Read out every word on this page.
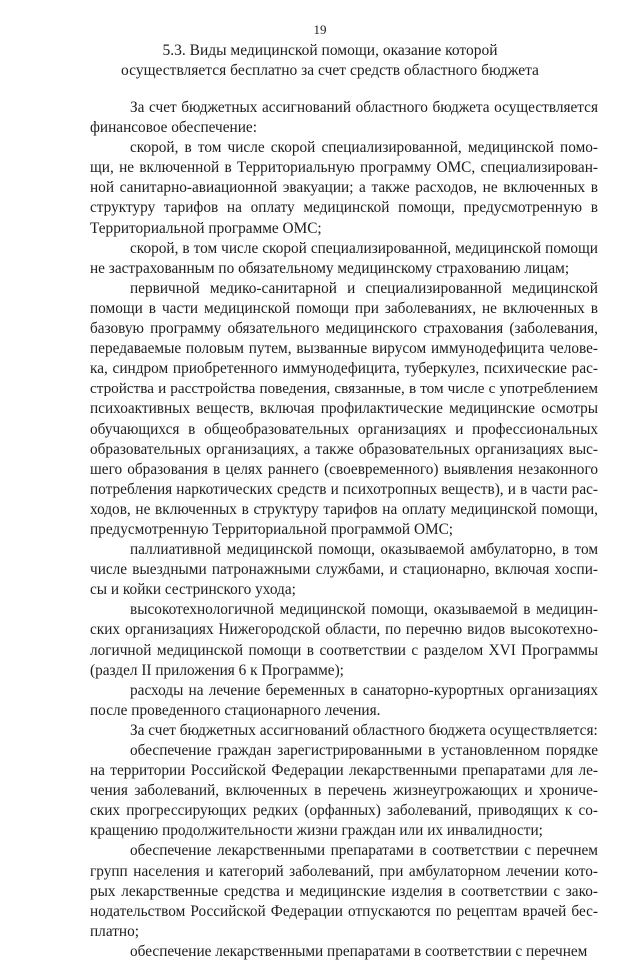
19
5.3. Виды медицинской помощи, оказание которой
осуществляется бесплатно за счет средств областного бюджета
За счет бюджетных ассигнований областного бюджета осуществляется
финансовое обеспечение:
скорой, в том числе скорой специализированной, медицинской помо-
щи, не включенной в Территориальную программу ОМС, специализирован-
ной санитарно-авиационной эвакуации; а также расходов, не включенных в
структуру тарифов на оплату медицинской помощи, предусмотренную в
Территориальной программе ОМС;
скорой, в том числе скорой специализированной, медицинской помощи
не застрахованным по обязательному медицинскому страхованию лицам;
первичной медико-санитарной и специализированной медицинской
помощи в части медицинской помощи при заболеваниях, не включенных в
базовую программу обязательного медицинского страхования (заболевания,
передаваемые половым путем, вызванные вирусом иммунодефицита челове-
ка, синдром приобретенного иммунодефицита, туберкулез, психические рас-
стройства и расстройства поведения, связанные, в том числе с употреблением
психоактивных веществ, включая профилактические медицинские осмотры
обучающихся в общеобразовательных организациях и профессиональных
образовательных организациях, а также образовательных организациях выс-
шего образования в целях раннего (своевременного) выявления незаконного
потребления наркотических средств и психотропных веществ), и в части рас-
ходов, не включенных в структуру тарифов на оплату медицинской помощи,
предусмотренную Территориальной программой ОМС;
паллиативной медицинской помощи, оказываемой амбулаторно, в том
числе выездными патронажными службами, и стационарно, включая хоспи-
сы и койки сестринского ухода;
высокотехнологичной медицинской помощи, оказываемой в медицин-
ских организациях Нижегородской области, по перечню видов высокотехно-
логичной медицинской помощи в соответствии с разделом XVI Программы
(раздел II приложения 6 к Программе);
расходы на лечение беременных в санаторно-курортных организациях
после проведенного стационарного лечения.
За счет бюджетных ассигнований областного бюджета осуществляется:
обеспечение граждан зарегистрированными в установленном порядке
на территории Российской Федерации лекарственными препаратами для ле-
чения заболеваний, включенных в перечень жизнеугрожающих и хрониче-
ских прогрессирующих редких (орфанных) заболеваний, приводящих к со-
кращению продолжительности жизни граждан или их инвалидности;
обеспечение лекарственными препаратами в соответствии с перечнем
групп населения и категорий заболеваний, при амбулаторном лечении кото-
рых лекарственные средства и медицинские изделия в соответствии с зако-
нодательством Российской Федерации отпускаются по рецептам врачей бес-
платно;
обеспечение лекарственными препаратами в соответствии с перечнем
